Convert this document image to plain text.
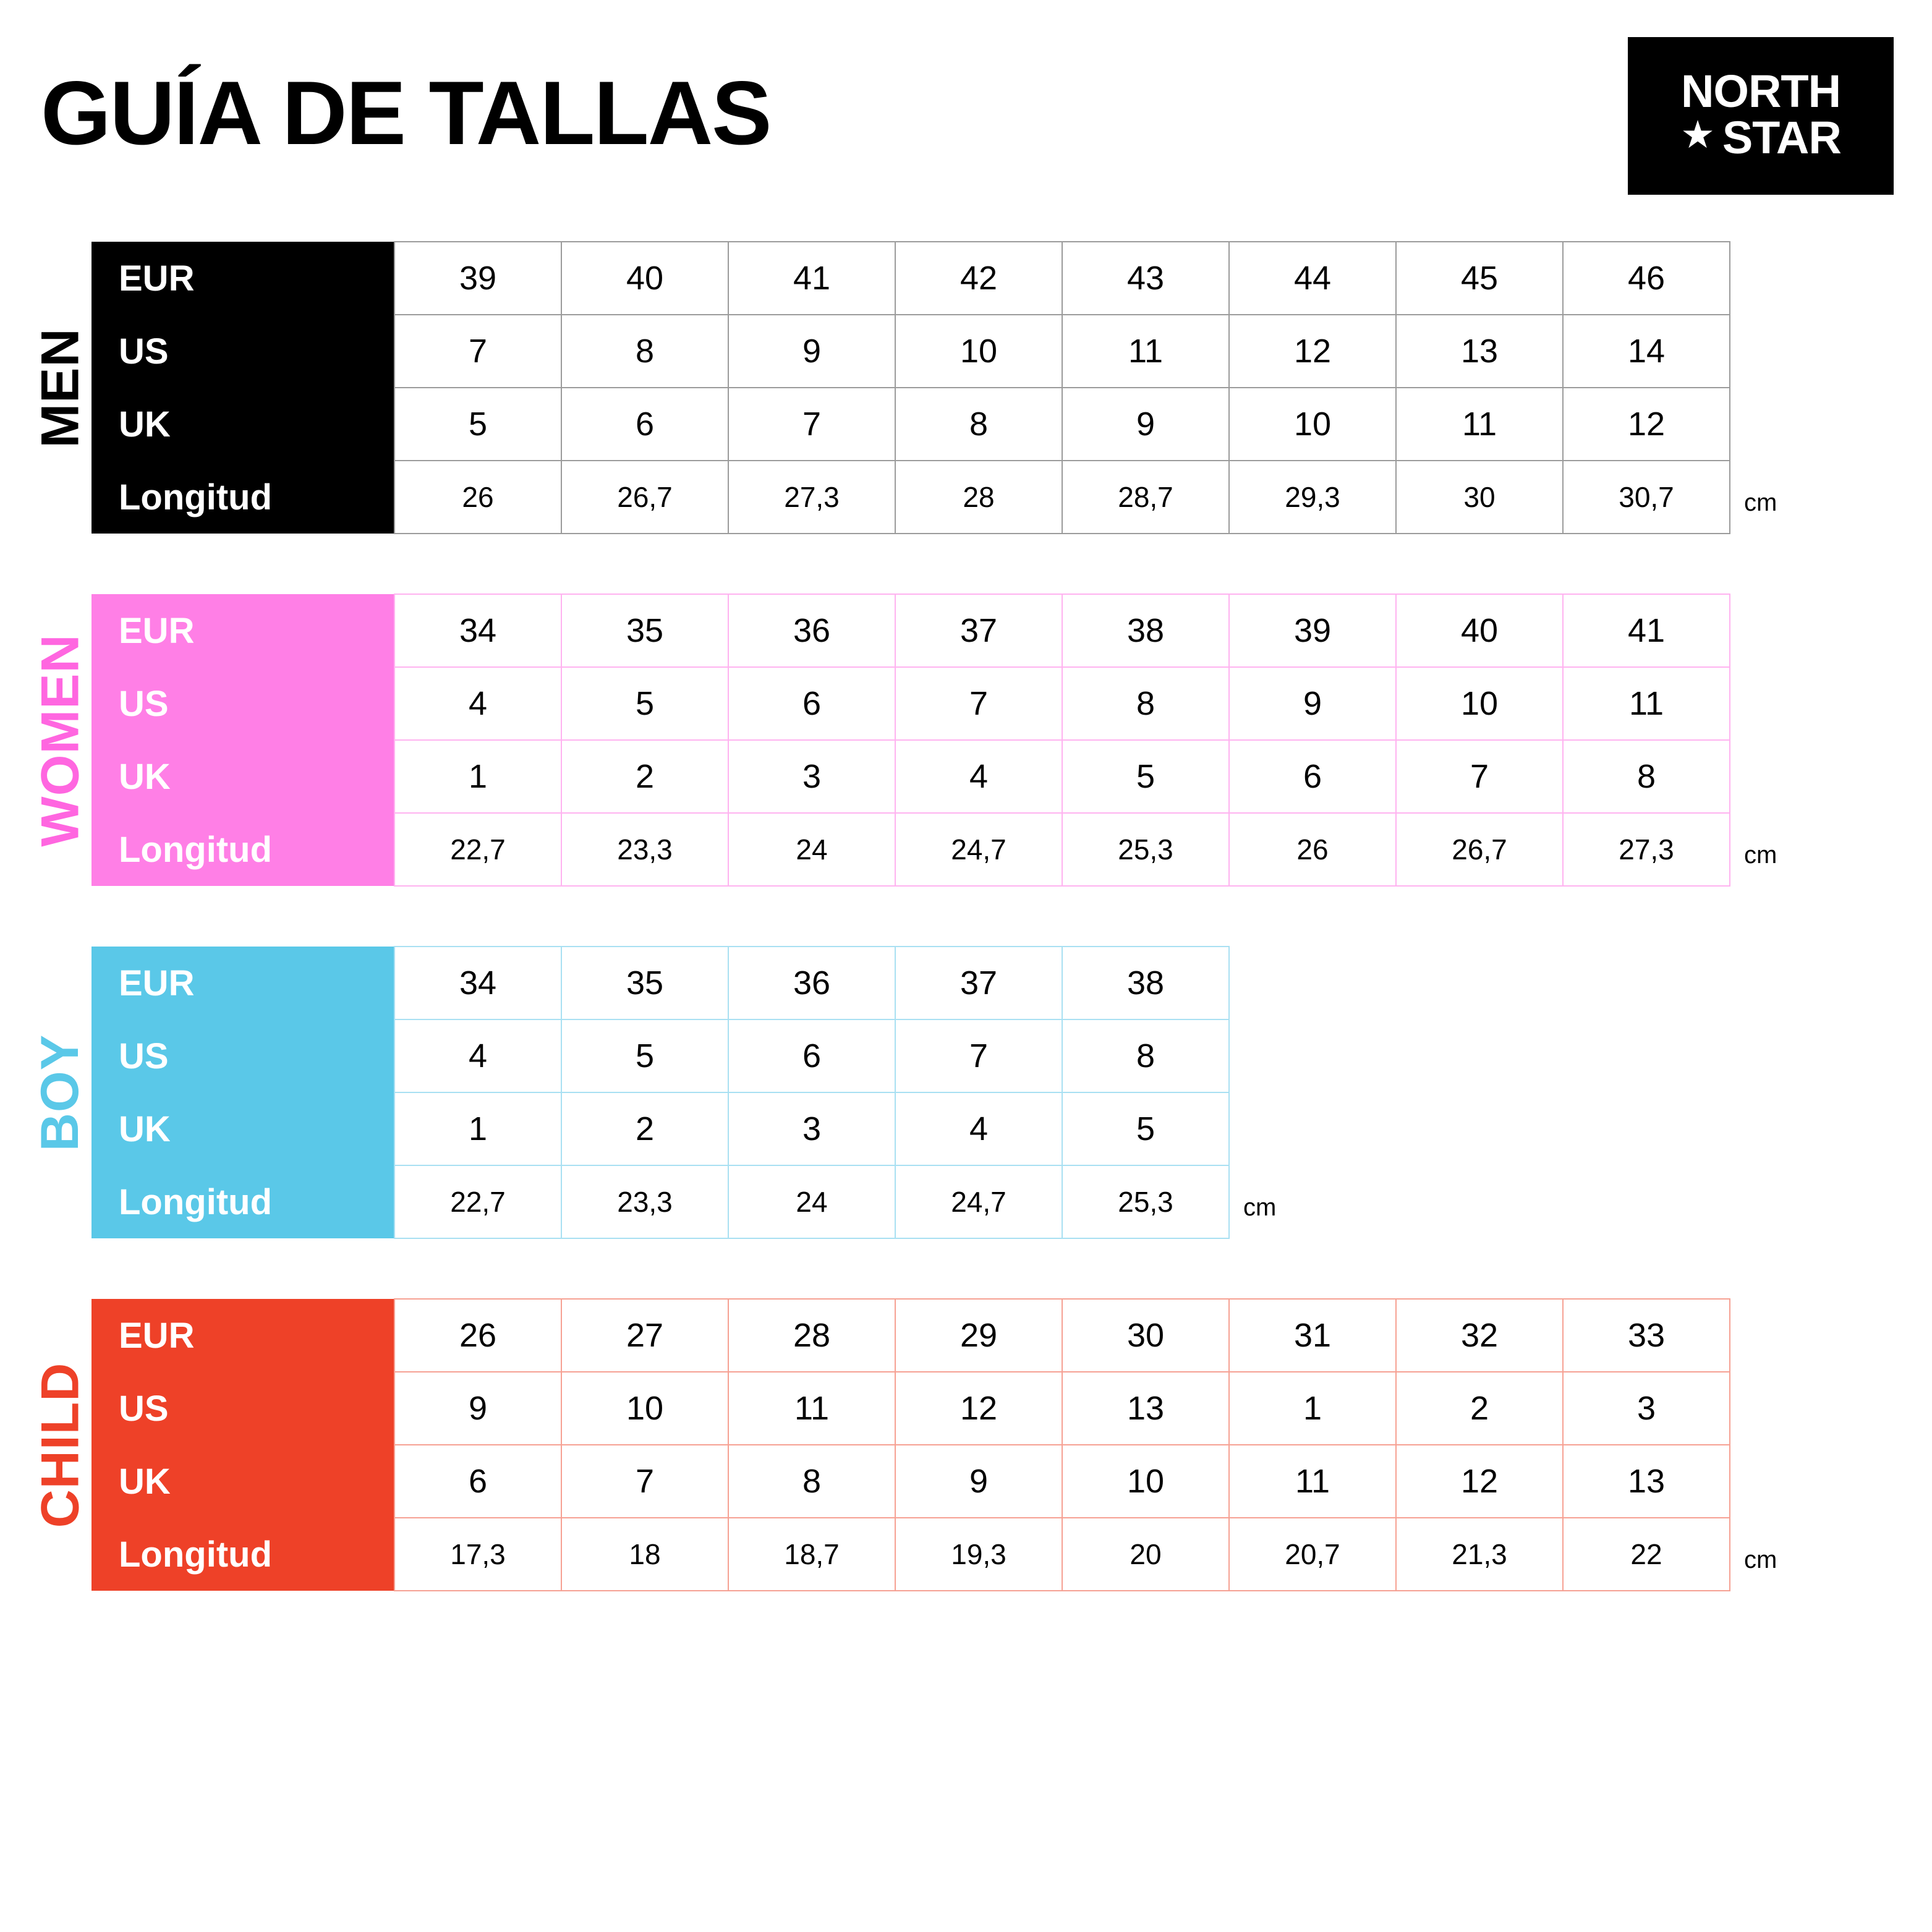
GUÍA DE TALLAS	NORTH
★ STAR
MEN
EUR	39	40	41	42	43	44	45	46
US	7	8	9	10	11	12	13	14
UK	5	6	7	8	9	10	11	12
Longitud	26	26,7	27,3	28	28,7	29,3	30	30,7	cm
WOMEN
EUR	34	35	36	37	38	39	40	41
US	4	5	6	7	8	9	10	11
UK	1	2	3	4	5	6	7	8
Longitud	22,7	23,3	24	24,7	25,3	26	26,7	27,3	cm
BOY
EUR	34	35	36	37	38
US	4	5	6	7	8
UK	1	2	3	4	5
Longitud	22,7	23,3	24	24,7	25,3	cm
CHILD
EUR	26	27	28	29	30	31	32	33
US	9	10	11	12	13	1	2	3
UK	6	7	8	9	10	11	12	13
Longitud	17,3	18	18,7	19,3	20	20,7	21,3	22	cm
